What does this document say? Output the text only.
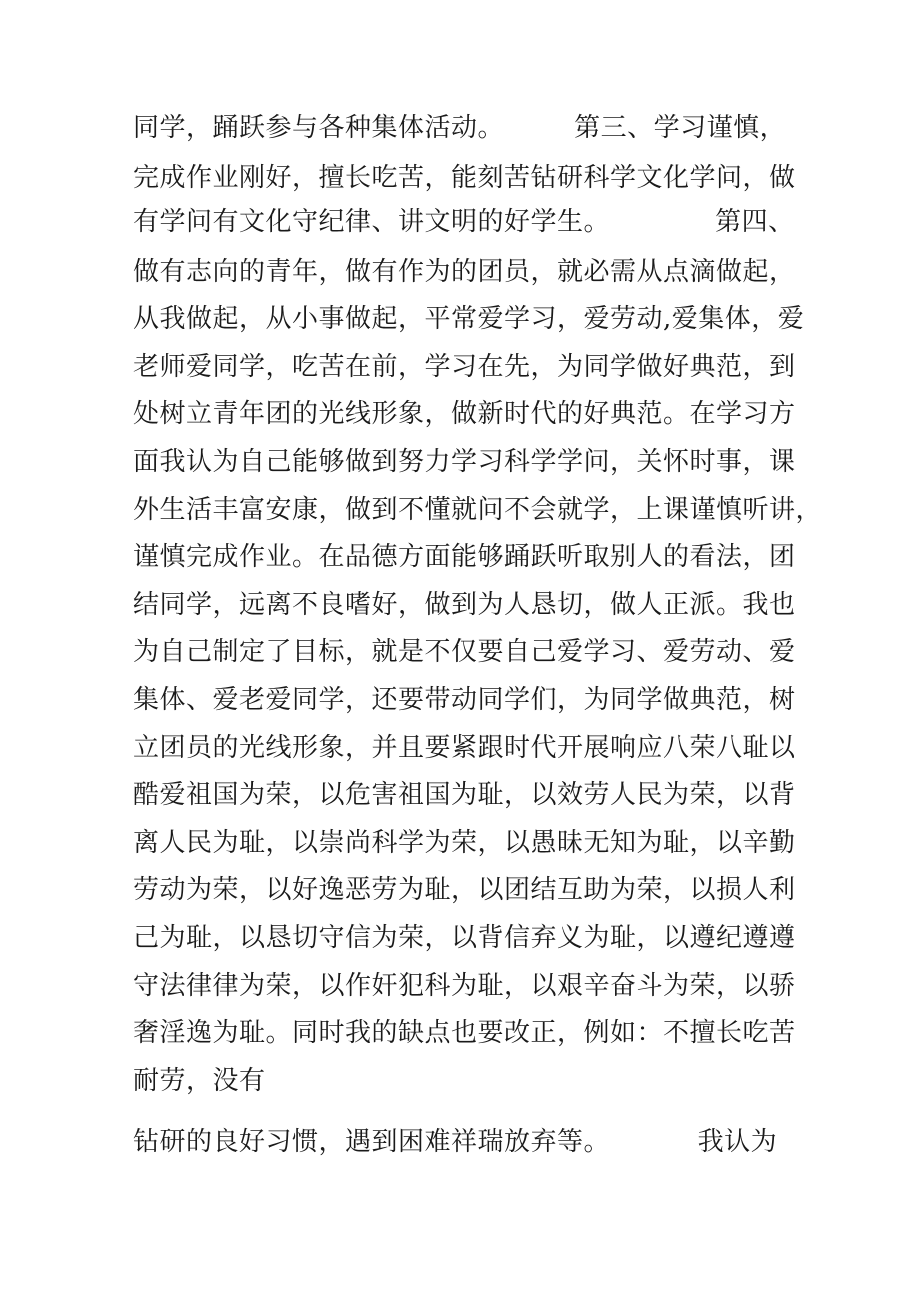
同学，踊跃参与各种集体活动。        第三、学习谨慎，
完成作业刚好，擅长吃苦，能刻苦钻研科学文化学问，做
有学问有文化守纪律、讲文明的好学生。            第四、
做有志向的青年，做有作为的团员，就必需从点滴做起，
从我做起，从小事做起，平常爱学习，爱劳动,爱集体，爱
老师爱同学，吃苦在前，学习在先，为同学做好典范，到
处树立青年团的光线形象，做新时代的好典范。在学习方
面我认为自己能够做到努力学习科学学问，关怀时事，课
外生活丰富安康，做到不懂就问不会就学，上课谨慎听讲，
谨慎完成作业。在品德方面能够踊跃听取别人的看法，团
结同学，远离不良嗜好，做到为人恳切，做人正派。我也
为自己制定了目标，就是不仅要自己爱学习、爱劳动、爱
集体、爱老爱同学，还要带动同学们，为同学做典范，树
立团员的光线形象，并且要紧跟时代开展响应八荣八耻以
酷爱祖国为荣，以危害祖国为耻，以效劳人民为荣，以背
离人民为耻，以崇尚科学为荣，以愚昧无知为耻，以辛勤
劳动为荣，以好逸恶劳为耻，以团结互助为荣，以损人利
己为耻，以恳切守信为荣，以背信弃义为耻，以遵纪遵遵
守法律律为荣，以作奸犯科为耻，以艰辛奋斗为荣，以骄
奢淫逸为耻。同时我的缺点也要改正，例如：不擅长吃苦
耐劳，没有
钻研的良好习惯，遇到困难祥瑞放弃等。          我认为
